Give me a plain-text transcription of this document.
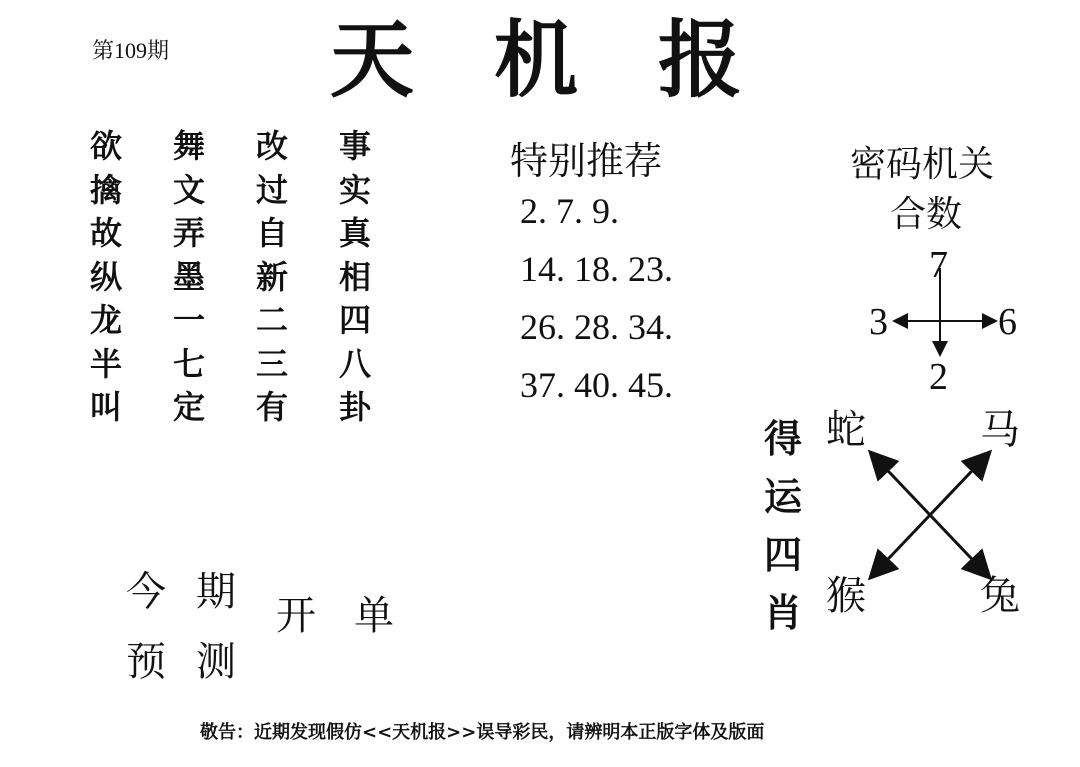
第109期 天机报
欲	舞	改	事
擒	文	过	实
故	弄	自	真
纵	墨	新	相
龙	一	二	四
半	七	三	八
叫	定	有	卦
特别推荐
2. 7. 9.
14. 18. 23.
26. 28. 34.
37. 40. 45.
密码机关
合数
7
3	6
2
得
运
四
肖
蛇	马
猴	兔
今 期
预 测
开 单
敬告：近期发现假仿<<天机报>>误导彩民，请辨明本正版字体及版面
